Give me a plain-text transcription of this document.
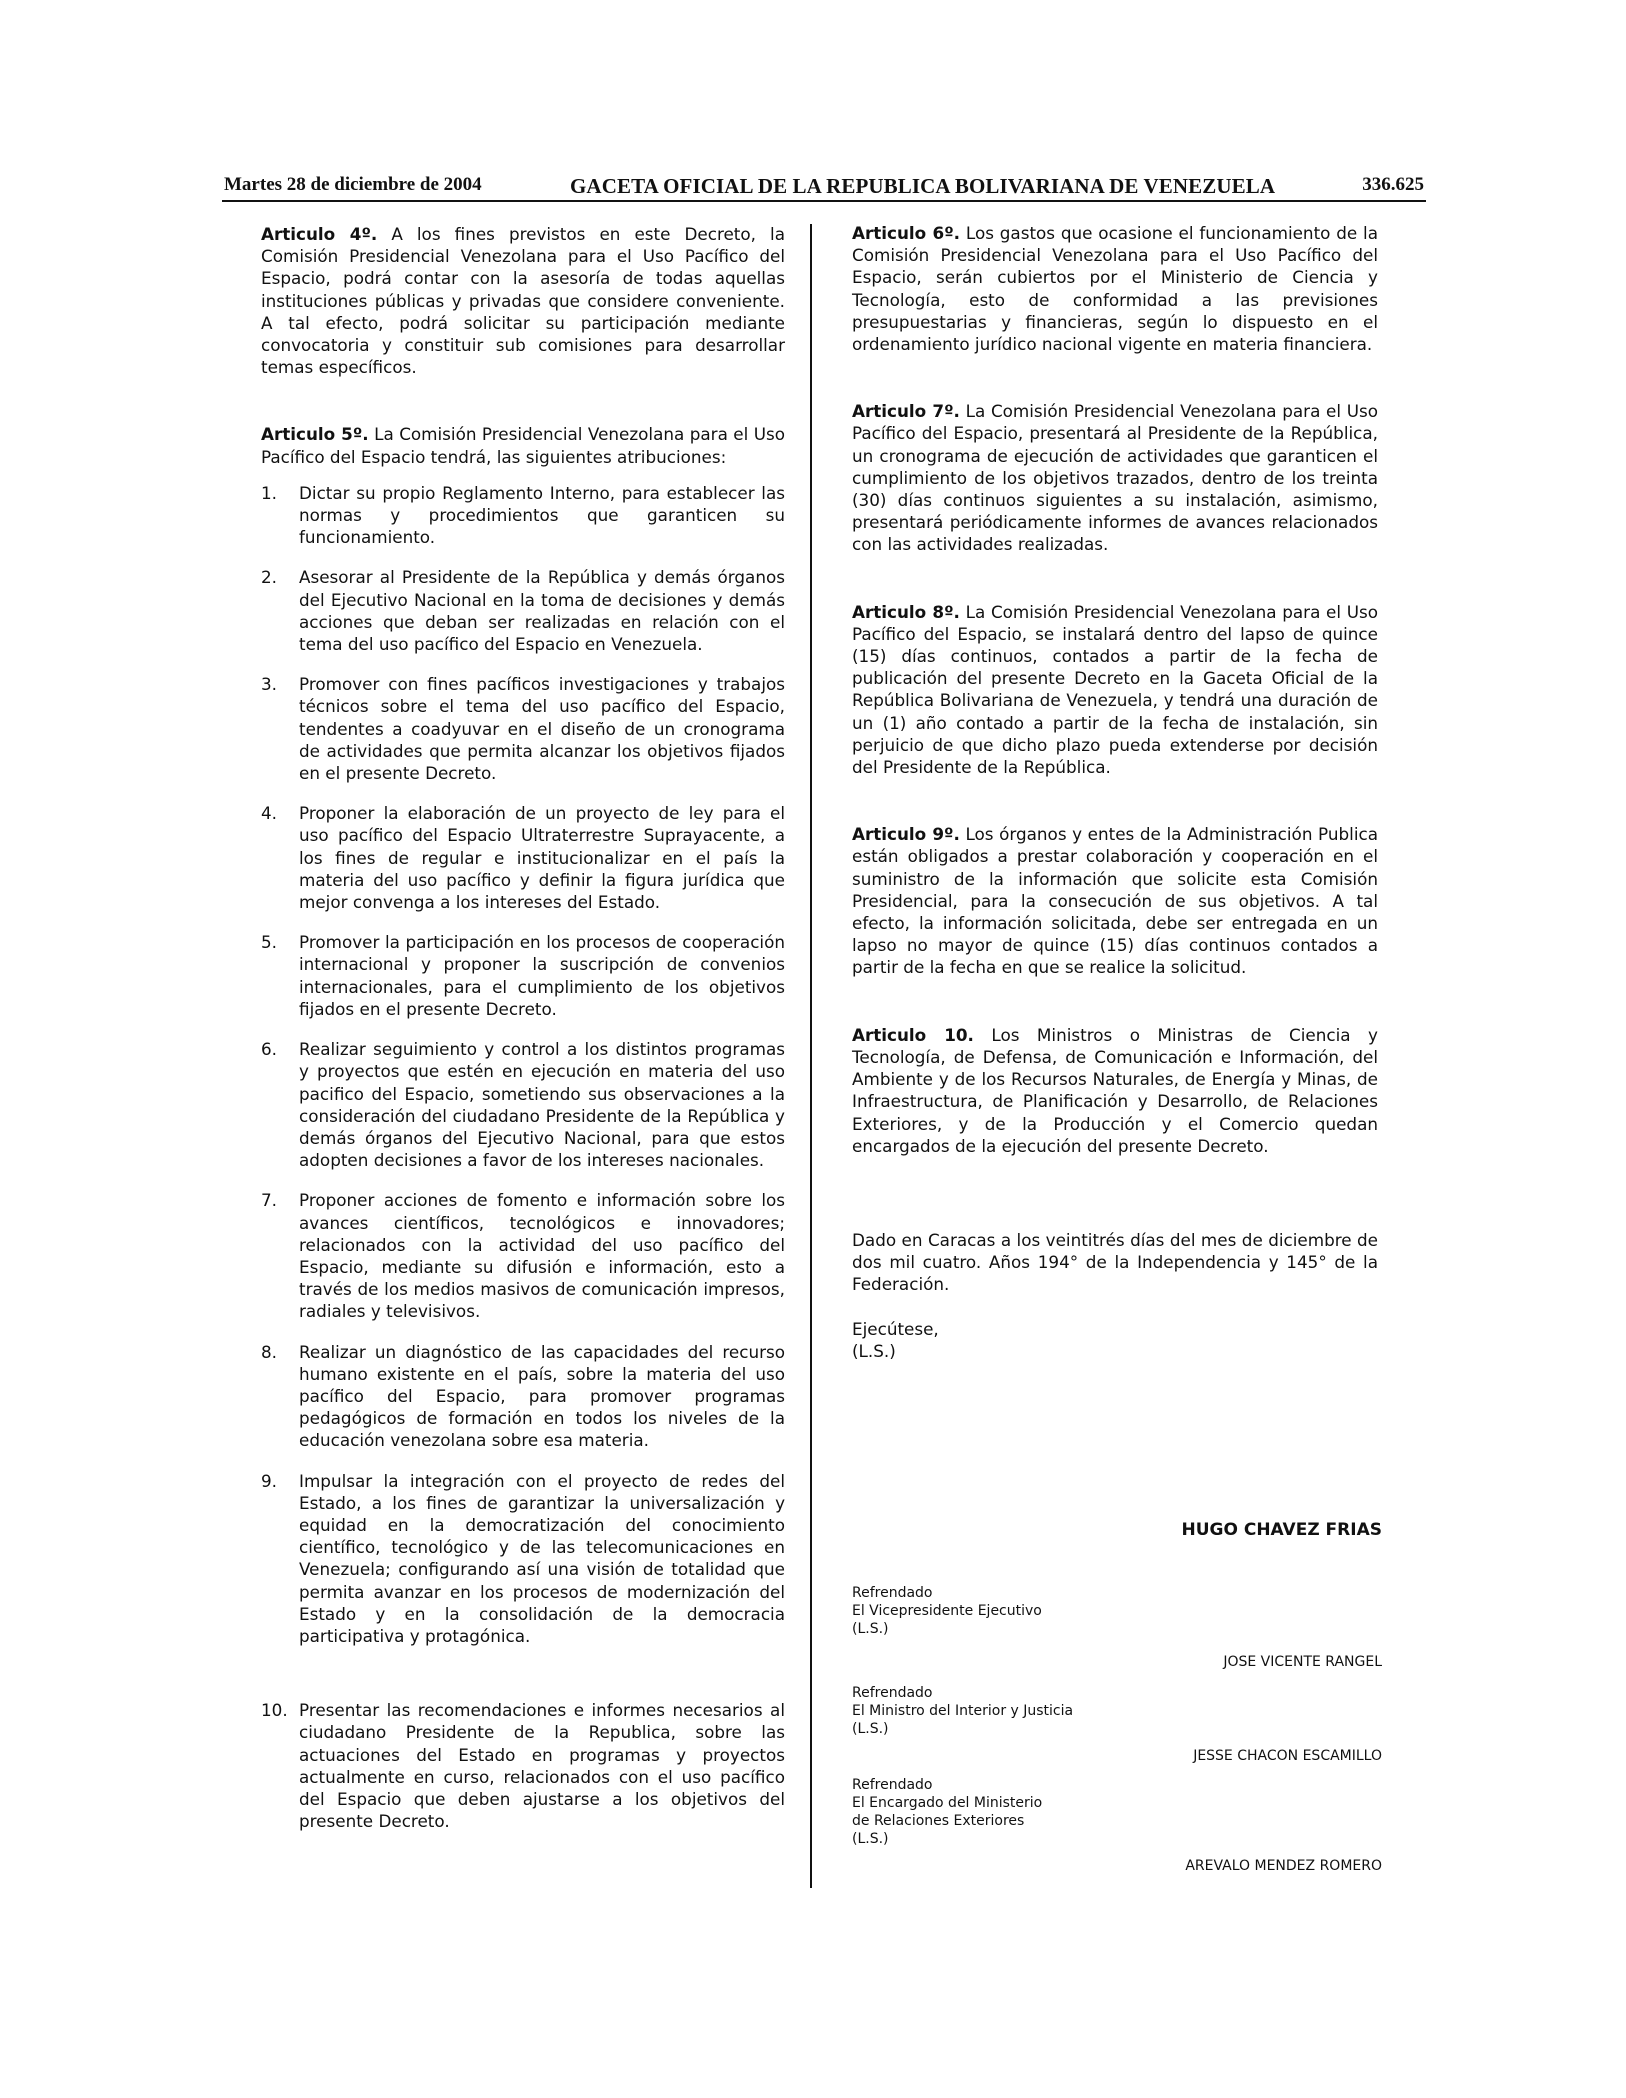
Martes 28 de diciembre de 2004	GACETA OFICIAL DE LA REPUBLICA BOLIVARIANA DE VENEZUELA	336.625

Articulo 4º. A los fines previstos en este Decreto, la Comisión Presidencial Venezolana para el Uso Pacífico del Espacio, podrá contar con la asesoría de todas aquellas instituciones públicas y privadas que considere conveniente. A tal efecto, podrá solicitar su participación mediante convocatoria y constituir sub comisiones para desarrollar temas específicos.

Articulo 5º. La Comisión Presidencial Venezolana para el Uso Pacífico del Espacio tendrá, las siguientes atribuciones:

1. Dictar su propio Reglamento Interno, para establecer las normas y procedimientos que garanticen su funcionamiento.
2. Asesorar al Presidente de la República y demás órganos del Ejecutivo Nacional en la toma de decisiones y demás acciones que deban ser realizadas en relación con el tema del uso pacífico del Espacio en Venezuela.
3. Promover con fines pacíficos investigaciones y trabajos técnicos sobre el tema del uso pacífico del Espacio, tendentes a coadyuvar en el diseño de un cronograma de actividades que permita alcanzar los objetivos fijados en el presente Decreto.
4. Proponer la elaboración de un proyecto de ley para el uso pacífico del Espacio Ultraterrestre Suprayacente, a los fines de regular e institucionalizar en el país la materia del uso pacífico y definir la figura jurídica que mejor convenga a los intereses del Estado.
5. Promover la participación en los procesos de cooperación internacional y proponer la suscripción de convenios internacionales, para el cumplimiento de los objetivos fijados en el presente Decreto.
6. Realizar seguimiento y control a los distintos programas y proyectos que estén en ejecución en materia del uso pacifico del Espacio, sometiendo sus observaciones a la consideración del ciudadano Presidente de la República y demás órganos del Ejecutivo Nacional, para que estos adopten decisiones a favor de los intereses nacionales.
7. Proponer acciones de fomento e información sobre los avances científicos, tecnológicos e innovadores; relacionados con la actividad del uso pacífico del Espacio, mediante su difusión e información, esto a través de los medios masivos de comunicación impresos, radiales y televisivos.
8. Realizar un diagnóstico de las capacidades del recurso humano existente en el país, sobre la materia del uso pacífico del Espacio, para promover programas pedagógicos de formación en todos los niveles de la educación venezolana sobre esa materia.
9. Impulsar la integración con el proyecto de redes del Estado, a los fines de garantizar la universalización y equidad en la democratización del conocimiento científico, tecnológico y de las telecomunicaciones en Venezuela; configurando así una visión de totalidad que permita avanzar en los procesos de modernización del Estado y en la consolidación de la democracia participativa y protagónica.
10. Presentar las recomendaciones e informes necesarios al ciudadano Presidente de la Republica, sobre las actuaciones del Estado en programas y proyectos actualmente en curso, relacionados con el uso pacífico del Espacio que deben ajustarse a los objetivos del presente Decreto.

Articulo 6º. Los gastos que ocasione el funcionamiento de la Comisión Presidencial Venezolana para el Uso Pacífico del Espacio, serán cubiertos por el Ministerio de Ciencia y Tecnología, esto de conformidad a las previsiones presupuestarias y financieras, según lo dispuesto en el ordenamiento jurídico nacional vigente en materia financiera.

Articulo 7º. La Comisión Presidencial Venezolana para el Uso Pacífico del Espacio, presentará al Presidente de la República, un cronograma de ejecución de actividades que garanticen el cumplimiento de los objetivos trazados, dentro de los treinta (30) días continuos siguientes a su instalación, asimismo, presentará periódicamente informes de avances relacionados con las actividades realizadas.

Articulo 8º. La Comisión Presidencial Venezolana para el Uso Pacífico del Espacio, se instalará dentro del lapso de quince (15) días continuos, contados a partir de la fecha de publicación del presente Decreto en la Gaceta Oficial de la República Bolivariana de Venezuela, y tendrá una duración de un (1) año contado a partir de la fecha de instalación, sin perjuicio de que dicho plazo pueda extenderse por decisión del Presidente de la República.

Articulo 9º. Los órganos y entes de la Administración Publica están obligados a prestar colaboración y cooperación en el suministro de la información que solicite esta Comisión Presidencial, para la consecución de sus objetivos. A tal efecto, la información solicitada, debe ser entregada en un lapso no mayor de quince (15) días continuos contados a partir de la fecha en que se realice la solicitud.

Articulo 10. Los Ministros o Ministras de Ciencia y Tecnología, de Defensa, de Comunicación e Información, del Ambiente y de los Recursos Naturales, de Energía y Minas, de Infraestructura, de Planificación y Desarrollo, de Relaciones Exteriores, y de la Producción y el Comercio quedan encargados de la ejecución del presente Decreto.

Dado en Caracas a los veintitrés días del mes de diciembre de dos mil cuatro. Años 194° de la Independencia y 145° de la Federación.

Ejecútese,

(L.S.)

HUGO CHAVEZ FRIAS
Refrendado
El Vicepresidente Ejecutivo
(L.S.)
JOSE VICENTE RANGEL
Refrendado
El Ministro del Interior y Justicia
(L.S.)
JESSE CHACON ESCAMILLO
Refrendado
El Encargado del Ministerio
de Relaciones Exteriores
(L.S.)
AREVALO MENDEZ ROMERO
